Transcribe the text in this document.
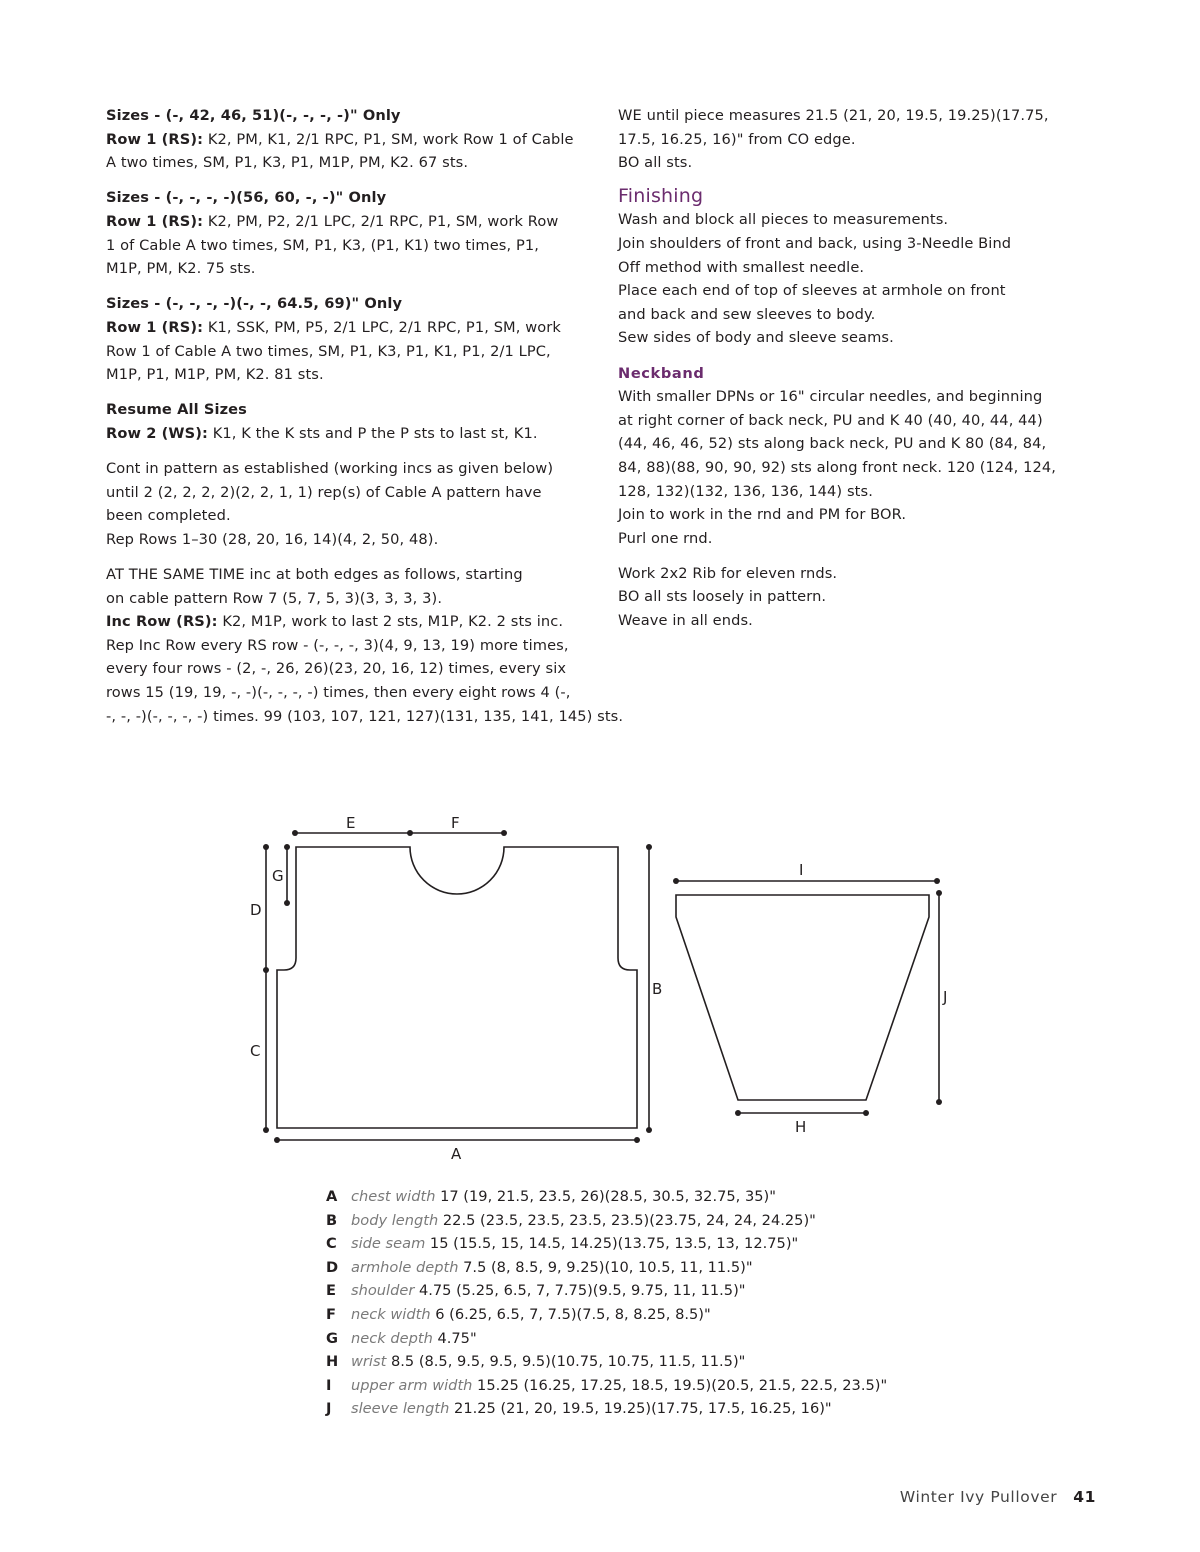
Sizes - (-, 42, 46, 51)(-, -, -, -)" Only
Row 1 (RS): K2, PM, K1, 2/1 RPC, P1, SM, work Row 1 of Cable
A two times, SM, P1, K3, P1, M1P, PM, K2. 67 sts.
Sizes - (-, -, -, -)(56, 60, -, -)" Only
Row 1 (RS): K2, PM, P2, 2/1 LPC, 2/1 RPC, P1, SM, work Row
1 of Cable A two times, SM, P1, K3, (P1, K1) two times, P1,
M1P, PM, K2. 75 sts.
Sizes - (-, -, -, -)(-, -, 64.5, 69)" Only
Row 1 (RS): K1, SSK, PM, P5, 2/1 LPC, 2/1 RPC, P1, SM, work
Row 1 of Cable A two times, SM, P1, K3, P1, K1, P1, 2/1 LPC,
M1P, P1, M1P, PM, K2. 81 sts.
Resume All Sizes
Row 2 (WS): K1, K the K sts and P the P sts to last st, K1.
Cont in pattern as established (working incs as given below)
until 2 (2, 2, 2, 2)(2, 2, 1, 1) rep(s) of Cable A pattern have
been completed.
Rep Rows 1–30 (28, 20, 16, 14)(4, 2, 50, 48).
AT THE SAME TIME inc at both edges as follows, starting
on cable pattern Row 7 (5, 7, 5, 3)(3, 3, 3, 3).
Inc Row (RS): K2, M1P, work to last 2 sts, M1P, K2. 2 sts inc.
Rep Inc Row every RS row - (-, -, -, 3)(4, 9, 13, 19) more times,
every four rows - (2, -, 26, 26)(23, 20, 16, 12) times, every six
rows 15 (19, 19, -, -)(-, -, -, -) times, then every eight rows 4 (-,
-, -, -)(-, -, -, -) times. 99 (103, 107, 121, 127)(131, 135, 141, 145) sts.
WE until piece measures 21.5 (21, 20, 19.5, 19.25)(17.75,
17.5, 16.25, 16)" from CO edge.
BO all sts.
Finishing
Wash and block all pieces to measurements.
Join shoulders of front and back, using 3-Needle Bind
Off method with smallest needle.
Place each end of top of sleeves at armhole on front
and back and sew sleeves to body.
Sew sides of body and sleeve seams.
Neckband
With smaller DPNs or 16" circular needles, and beginning
at right corner of back neck, PU and K 40 (40, 40, 44, 44)
(44, 46, 46, 52) sts along back neck, PU and K 80 (84, 84,
84, 88)(88, 90, 90, 92) sts along front neck. 120 (124, 124,
128, 132)(132, 136, 136, 144) sts.
Join to work in the rnd and PM for BOR.
Purl one rnd.
Work 2x2 Rib for eleven rnds.
BO all sts loosely in pattern.
Weave in all ends.
E	F
G
D
C
A
B
I
J
H
A chest width 17 (19, 21.5, 23.5, 26)(28.5, 30.5, 32.75, 35)"
B body length 22.5 (23.5, 23.5, 23.5, 23.5)(23.75, 24, 24, 24.25)"
C side seam 15 (15.5, 15, 14.5, 14.25)(13.75, 13.5, 13, 12.75)"
D armhole depth 7.5 (8, 8.5, 9, 9.25)(10, 10.5, 11, 11.5)"
E shoulder 4.75 (5.25, 6.5, 7, 7.75)(9.5, 9.75, 11, 11.5)"
F neck width 6 (6.25, 6.5, 7, 7.5)(7.5, 8, 8.25, 8.5)"
G neck depth 4.75"
H wrist 8.5 (8.5, 9.5, 9.5, 9.5)(10.75, 10.75, 11.5, 11.5)"
I upper arm width 15.25 (16.25, 17.25, 18.5, 19.5)(20.5, 21.5, 22.5, 23.5)"
J sleeve length 21.25 (21, 20, 19.5, 19.25)(17.75, 17.5, 16.25, 16)"
Winter Ivy Pullover 41
